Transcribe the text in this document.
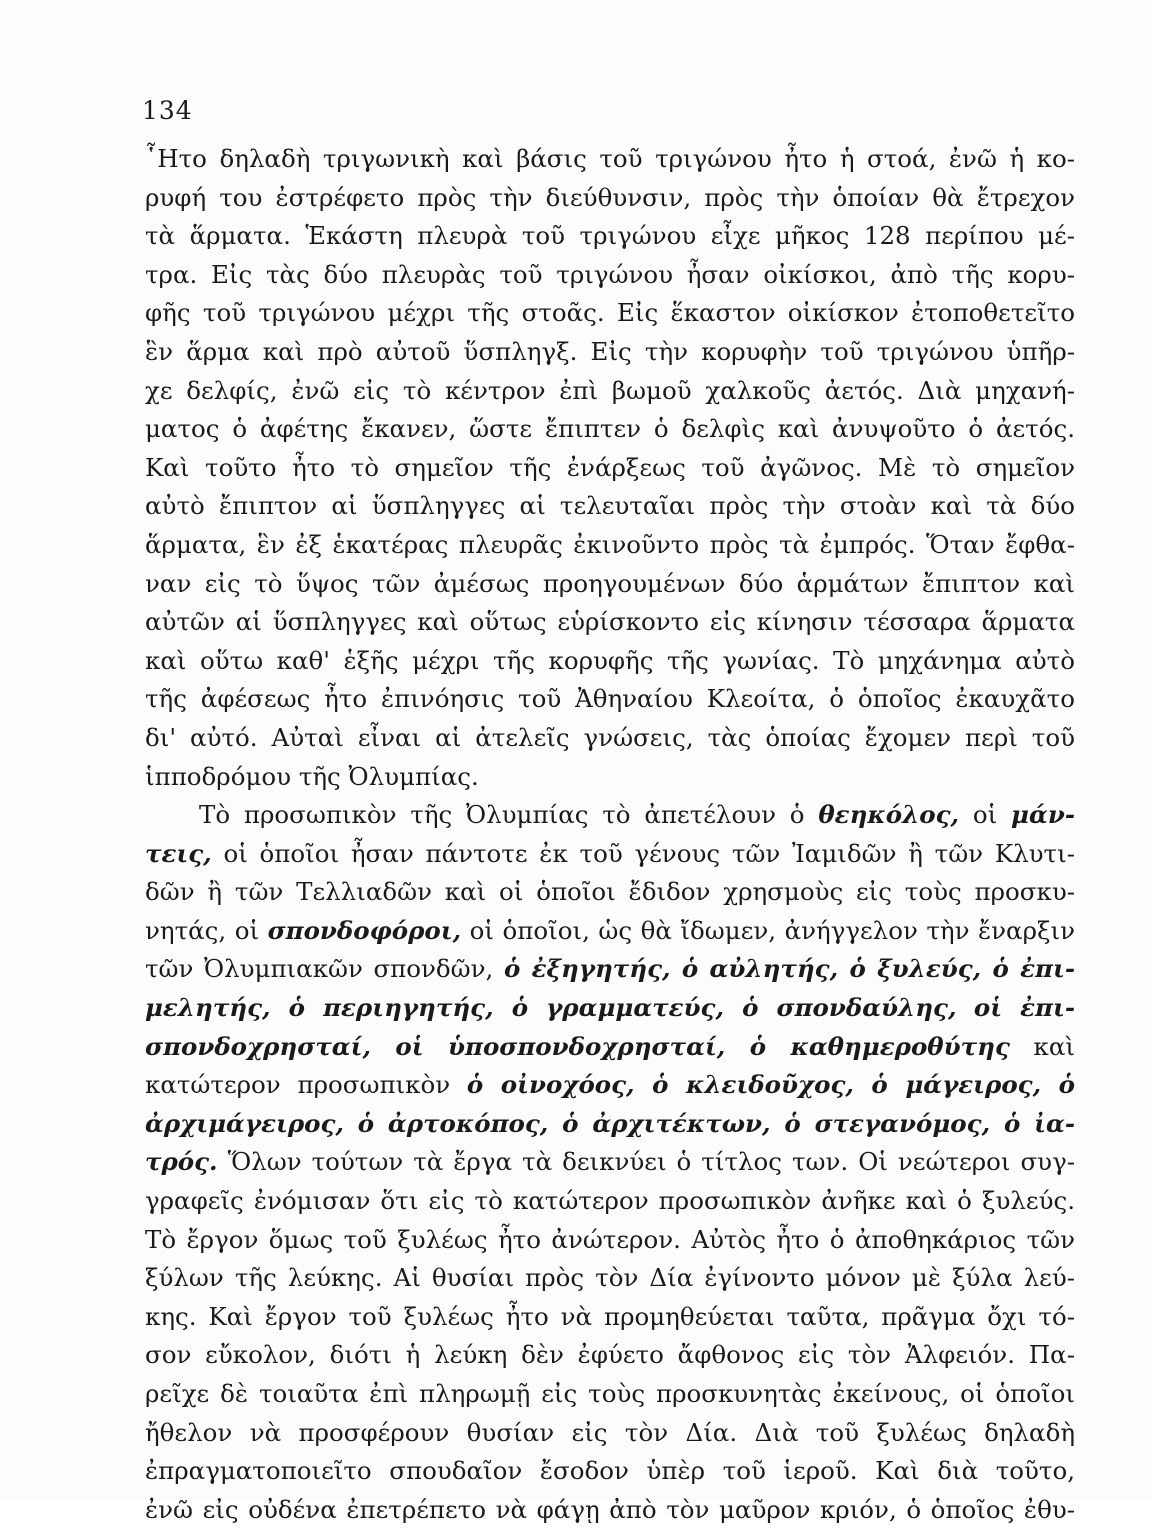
134
῟Ητο δηλαδὴ τριγωνικὴ καὶ βάσις τοῦ τριγώνου ἦτο ἡ στοά, ἐνῶ ἡ κο-
ρυφή του ἐστρέφετο πρὸς τὴν διεύθυνσιν, πρὸς τὴν ὁποίαν θὰ ἔτρεχον
τὰ ἅρματα. Ἑκάστη πλευρὰ τοῦ τριγώνου εἶχε μῆκος 128 περίπου μέ-
τρα. Εἰς τὰς δύο πλευρὰς τοῦ τριγώνου ἦσαν οἰκίσκοι, ἀπὸ τῆς κορυ-
φῆς τοῦ τριγώνου μέχρι τῆς στοᾶς. Εἰς ἕκαστον οἰκίσκον ἐτοποθετεῖτο
ἓν ἅρμα καὶ πρὸ αὐτοῦ ὕσπληγξ. Εἰς τὴν κορυφὴν τοῦ τριγώνου ὑπῆρ-
χε δελφίς, ἐνῶ εἰς τὸ κέντρον ἐπὶ βωμοῦ χαλκοῦς ἀετός. Διὰ μηχανή-
ματος ὁ ἀφέτης ἔκανεν, ὥστε ἔπιπτεν ὁ δελφὶς καὶ ἀνυψοῦτο ὁ ἀετός.
Καὶ τοῦτο ἦτο τὸ σημεῖον τῆς ἐνάρξεως τοῦ ἀγῶνος. Μὲ τὸ σημεῖον
αὐτὸ ἔπιπτον αἱ ὕσπληγγες αἱ τελευταῖαι πρὸς τὴν στοὰν καὶ τὰ δύο
ἅρματα, ἓν ἐξ ἑκατέρας πλευρᾶς ἐκινοῦντο πρὸς τὰ ἐμπρός. Ὅταν ἔφθα-
ναν εἰς τὸ ὕψος τῶν ἀμέσως προηγουμένων δύο ἁρμάτων ἔπιπτον καὶ
αὐτῶν αἱ ὕσπληγγες καὶ οὕτως εὑρίσκοντο εἰς κίνησιν τέσσαρα ἅρματα
καὶ οὕτω καθ' ἑξῆς μέχρι τῆς κορυφῆς τῆς γωνίας. Τὸ μηχάνημα αὐτὸ
τῆς ἀφέσεως ἦτο ἐπινόησις τοῦ Ἀθηναίου Κλεοίτα, ὁ ὁποῖος ἐκαυχᾶτο
δι' αὐτό. Αὐταὶ εἶναι αἱ ἀτελεῖς γνώσεις, τὰς ὁποίας ἔχομεν περὶ τοῦ
ἱπποδρόμου τῆς Ὀλυμπίας.
Τὸ προσωπικὸν τῆς Ὀλυμπίας τὸ ἀπετέλουν ὁ θεηκόλος, οἱ μάν-
τεις, οἱ ὁποῖοι ἦσαν πάντοτε ἐκ τοῦ γένους τῶν Ἰαμιδῶν ἢ τῶν Κλυτι-
δῶν ἢ τῶν Τελλιαδῶν καὶ οἱ ὁποῖοι ἔδιδον χρησμοὺς εἰς τοὺς προσκυ-
νητάς, οἱ σπονδοφόροι, οἱ ὁποῖοι, ὡς θὰ ἴδωμεν, ἀνήγγελον τὴν ἔναρξιν
τῶν Ὀλυμπιακῶν σπονδῶν, ὁ ἐξηγητής, ὁ αὐλητής, ὁ ξυλεύς, ὁ ἐπι-
μελητής, ὁ περιηγητής, ὁ γραμματεύς, ὁ σπονδαύλης, οἱ ἐπι-
σπονδοχρησταί, οἱ ὑποσπονδοχρησταί, ὁ καθημεροθύτης καὶ
κατώτερον προσωπικὸν ὁ οἰνοχόος, ὁ κλειδοῦχος, ὁ μάγειρος, ὁ
ἀρχιμάγειρος, ὁ ἀρτοκόπος, ὁ ἀρχιτέκτων, ὁ στεγανόμος, ὁ ἰα-
τρός. Ὅλων τούτων τὰ ἔργα τὰ δεικνύει ὁ τίτλος των. Οἱ νεώτεροι συγ-
γραφεῖς ἐνόμισαν ὅτι εἰς τὸ κατώτερον προσωπικὸν ἀνῆκε καὶ ὁ ξυλεύς.
Τὸ ἔργον ὅμως τοῦ ξυλέως ἦτο ἀνώτερον. Αὐτὸς ἦτο ὁ ἀποθηκάριος τῶν
ξύλων τῆς λεύκης. Αἱ θυσίαι πρὸς τὸν Δία ἐγίνοντο μόνον μὲ ξύλα λεύ-
κης. Καὶ ἔργον τοῦ ξυλέως ἦτο νὰ προμηθεύεται ταῦτα, πρᾶγμα ὄχι τό-
σον εὔκολον, διότι ἡ λεύκη δὲν ἐφύετο ἄφθονος εἰς τὸν Ἀλφειόν. Πα-
ρεῖχε δὲ τοιαῦτα ἐπὶ πληρωμῇ εἰς τοὺς προσκυνητὰς ἐκείνους, οἱ ὁποῖοι
ἤθελον νὰ προσφέρουν θυσίαν εἰς τὸν Δία. Διὰ τοῦ ξυλέως δηλαδὴ
ἐπραγματοποιεῖτο σπουδαῖον ἔσοδον ὑπὲρ τοῦ ἱεροῦ. Καὶ διὰ τοῦτο,
ἐνῶ εἰς οὐδένα ἐπετρέπετο νὰ φάγῃ ἀπὸ τὸν μαῦρον κριόν, ὁ ὁποῖος ἐθυ-
